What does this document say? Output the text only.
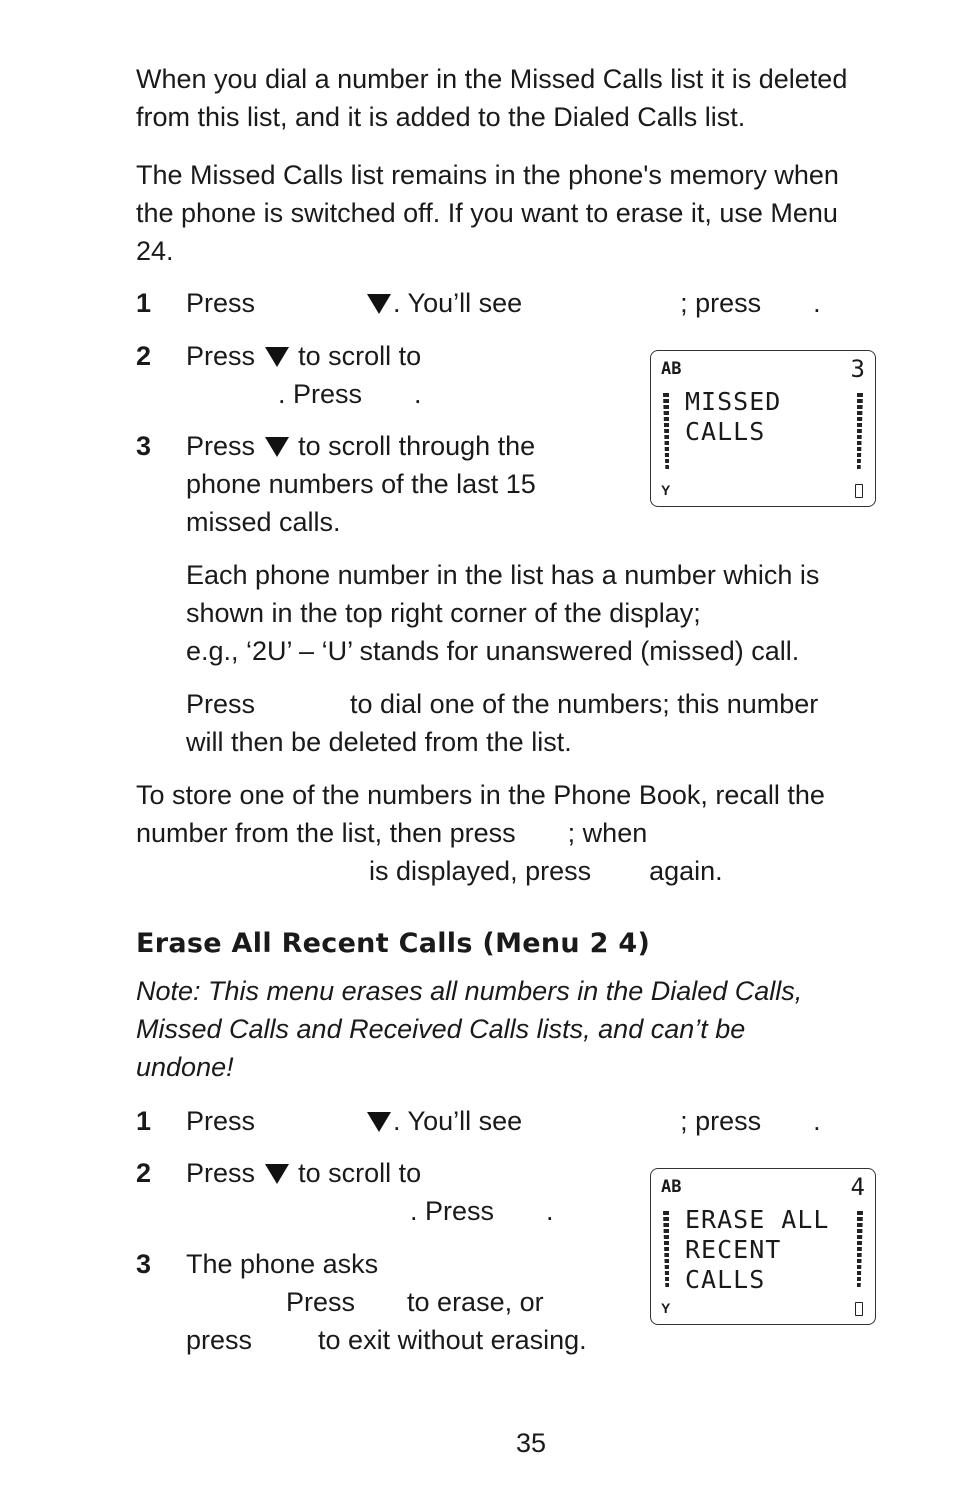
When you dial a number in the Missed Calls list it is deleted from this list, and it is added to the Dialed Calls list.

The Missed Calls list remains in the phone's memory when the phone is switched off. If you want to erase it, use Menu 24.

1	Press	. You’ll see	; press .
2	Press to scroll to
. Press .
3	Press to scroll through the
phone numbers of the last 15
missed calls.
AB	3
MISSED
CALLS
Y
Each phone number in the list has a number which is
shown in the top right corner of the display;
e.g., ‘2U’ – ‘U’ stands for unanswered (missed) call.
Press	to dial one of the numbers; this number
will then be deleted from the list.
To store one of the numbers in the Phone Book, recall the
number from the list, then press ; when
is displayed, press again.
Erase All Recent Calls (Menu 2 4)
Note: This menu erases all numbers in the Dialed Calls,
Missed Calls and Received Calls lists, and can’t be
undone!
1	Press	. You’ll see	; press .
2	Press to scroll to
. Press .
3	The phone asks
Press to erase, or
press to exit without erasing.
AB	4
ERASE ALL
RECENT
CALLS
Y
35
